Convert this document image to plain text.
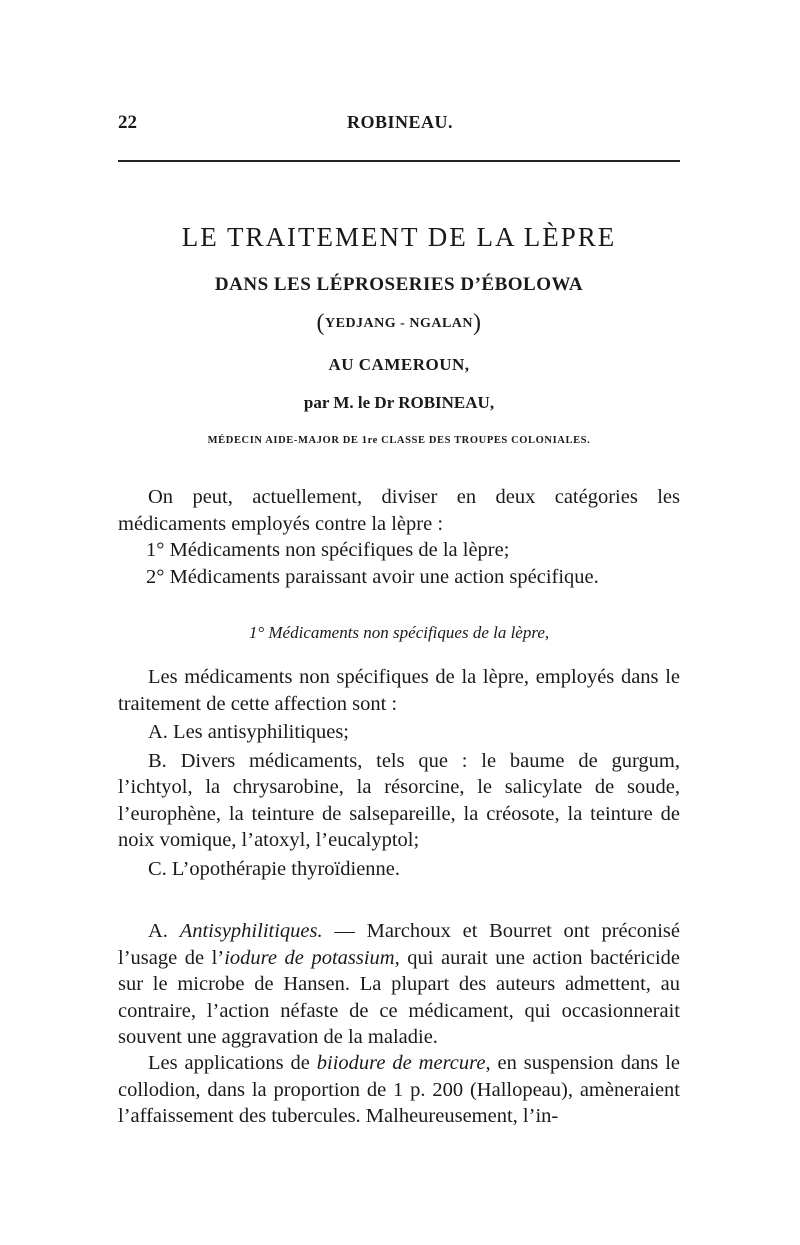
22	ROBINEAU.
LE TRAITEMENT DE LA LÈPRE
DANS LES LÉPROSERIES D’ÉBOLOWA
(YEDJANG - NGALAN)
AU CAMEROUN,
par M. le Dr ROBINEAU,
MÉDECIN AIDE-MAJOR DE 1re CLASSE DES TROUPES COLONIALES.

On peut, actuellement, diviser en deux catégories les médicaments employés contre la lèpre :

1° Médicaments non spécifiques de la lèpre;
2° Médicaments paraissant avoir une action spécifique.
1° Médicaments non spécifiques de la lèpre,

Les médicaments non spécifiques de la lèpre, employés dans le traitement de cette affection sont :

A. Les antisyphilitiques;

B. Divers médicaments, tels que : le baume de gurgum, l’ichtyol, la chrysarobine, la résorcine, le salicylate de soude, l’europhène, la teinture de salsepareille, la créosote, la teinture de noix vomique, l’atoxyl, l’eucalyptol;

C. L’opothérapie thyroïdienne.

A. Antisyphilitiques. — Marchoux et Bourret ont préconisé l’usage de l’iodure de potassium, qui aurait une action bactéricide sur le microbe de Hansen. La plupart des auteurs admettent, au contraire, l’action néfaste de ce médicament, qui occasionnerait souvent une aggravation de la maladie.

Les applications de biiodure de mercure, en suspension dans le collodion, dans la proportion de 1 p. 200 (Hallopeau), amèneraient l’affaissement des tubercules. Malheureusement, l’in-
